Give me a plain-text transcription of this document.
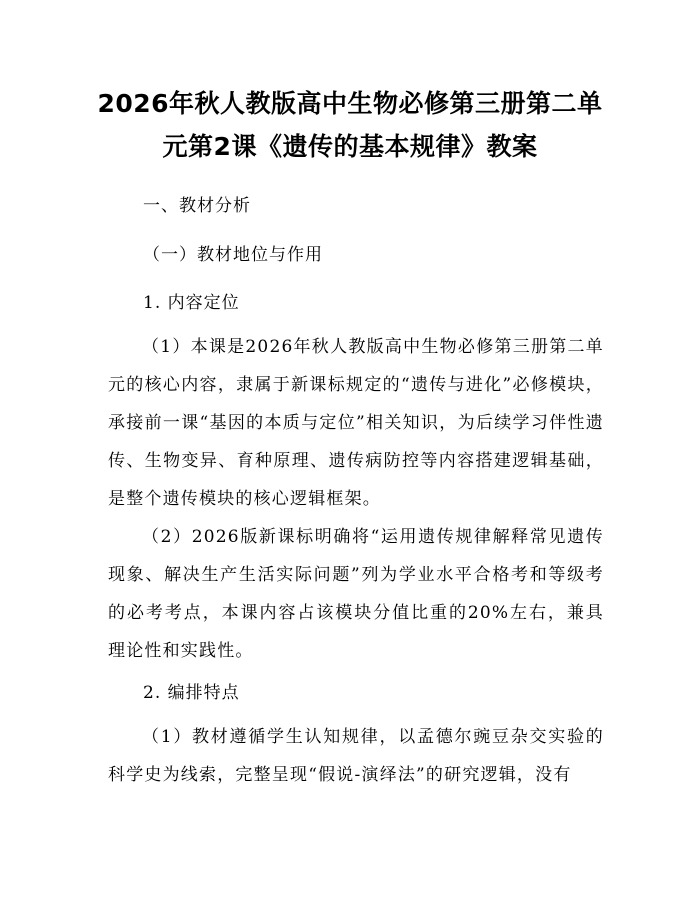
2026年秋人教版高中生物必修第三册第二单
元第2课《遗传的基本规律》教案
一、教材分析
（一）教材地位与作用
1. 内容定位
（1）本课是2026年秋人教版高中生物必修第三册第二单元的核心内容，隶属于新课标规定的“遗传与进化”必修模块，承接前一课“基因的本质与定位”相关知识，为后续学习伴性遗传、生物变异、育种原理、遗传病防控等内容搭建逻辑基础，是整个遗传模块的核心逻辑框架。
（2）2026版新课标明确将“运用遗传规律解释常见遗传现象、解决生产生活实际问题”列为学业水平合格考和等级考的必考考点，本课内容占该模块分值比重的20%左右，兼具理论性和实践性。
2. 编排特点
（1）教材遵循学生认知规律，以孟德尔豌豆杂交实验的科学史为线索，完整呈现“假说-演绎法”的研究逻辑，没有
